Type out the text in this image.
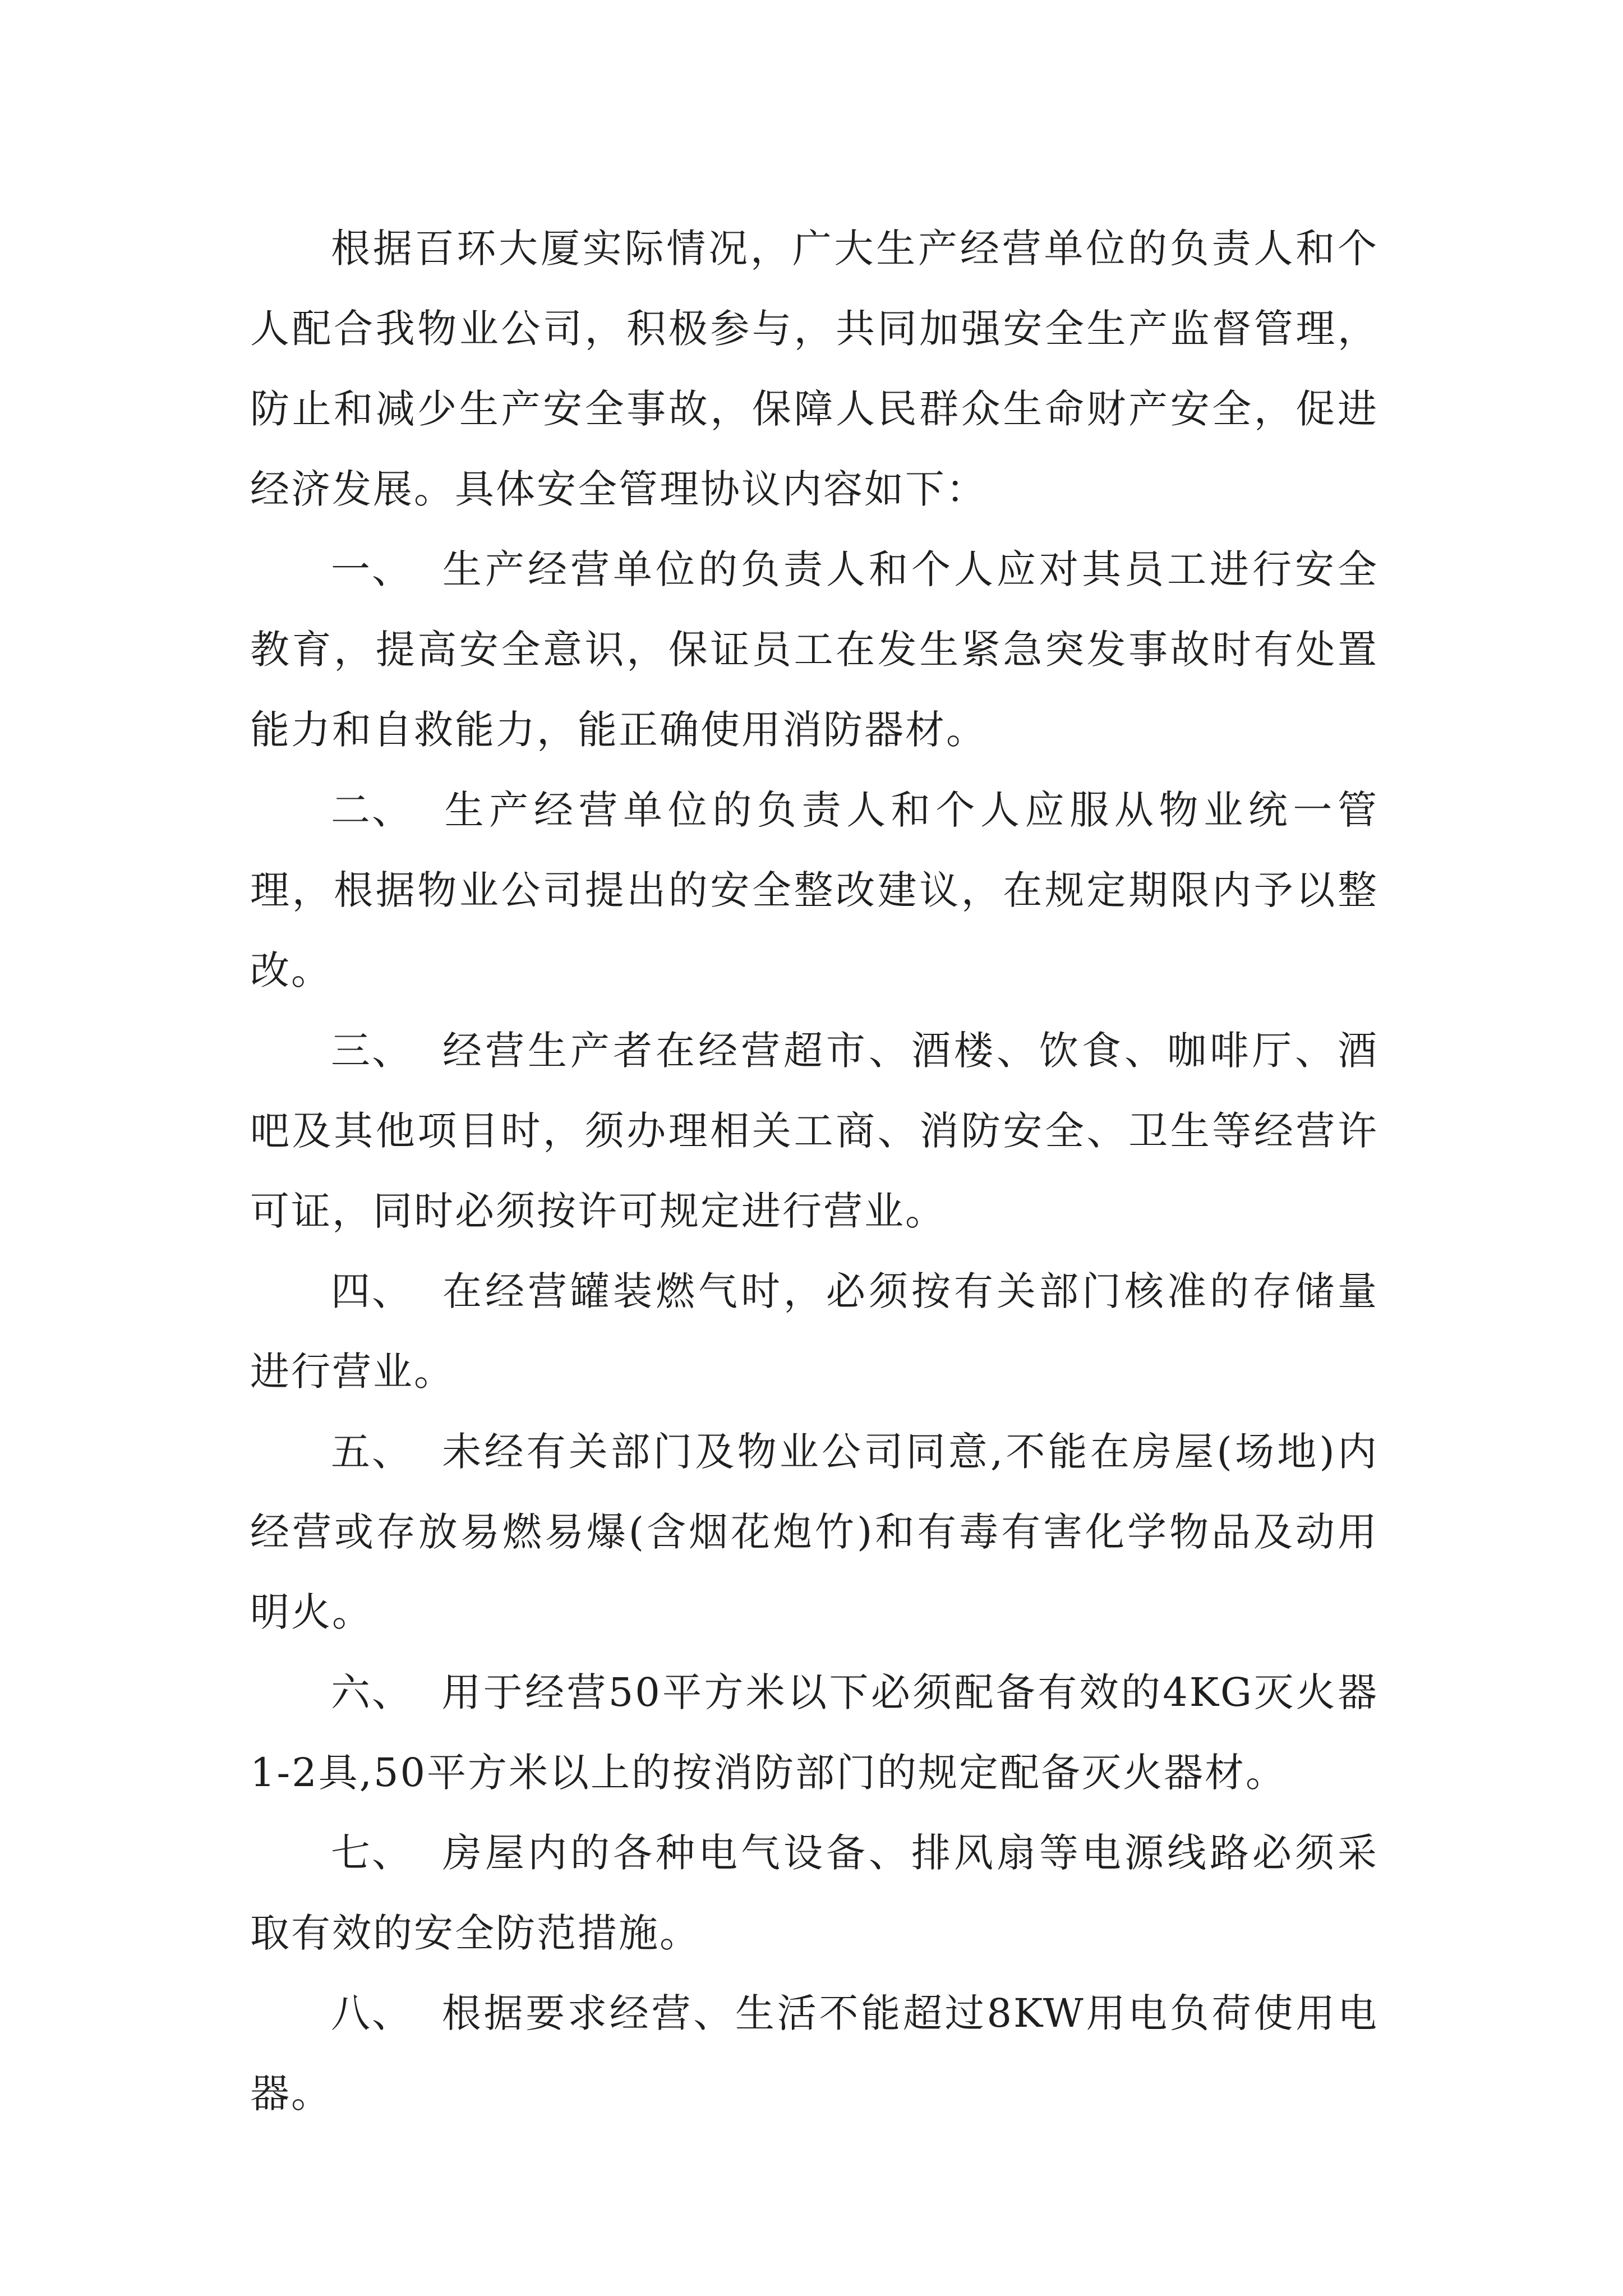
根据百环大厦实际情况，广大生产经营单位的负责人和个人配合我物业公司，积极参与，共同加强安全生产监督管理，防止和减少生产安全事故，保障人民群众生命财产安全，促进经济发展。具体安全管理协议内容如下：

一、 生产经营单位的负责人和个人应对其员工进行安全教育，提高安全意识，保证员工在发生紧急突发事故时有处置能力和自救能力，能正确使用消防器材。

二、 生产经营单位的负责人和个人应服从物业统一管理，根据物业公司提出的安全整改建议，在规定期限内予以整改。

三、 经营生产者在经营超市、酒楼、饮食、咖啡厅、酒吧及其他项目时，须办理相关工商、消防安全、卫生等经营许可证，同时必须按许可规定进行营业。

四、 在经营罐装燃气时，必须按有关部门核准的存储量进行营业。

五、 未经有关部门及物业公司同意,不能在房屋(场地)内经营或存放易燃易爆(含烟花炮竹)和有毒有害化学物品及动用明火。

六、 用于经营50平方米以下必须配备有效的4KG灭火器1-2具,50平方米以上的按消防部门的规定配备灭火器材。

七、 房屋内的各种电气设备、排风扇等电源线路必须采取有效的安全防范措施。

八、 根据要求经营、生活不能超过8KW用电负荷使用电器。
